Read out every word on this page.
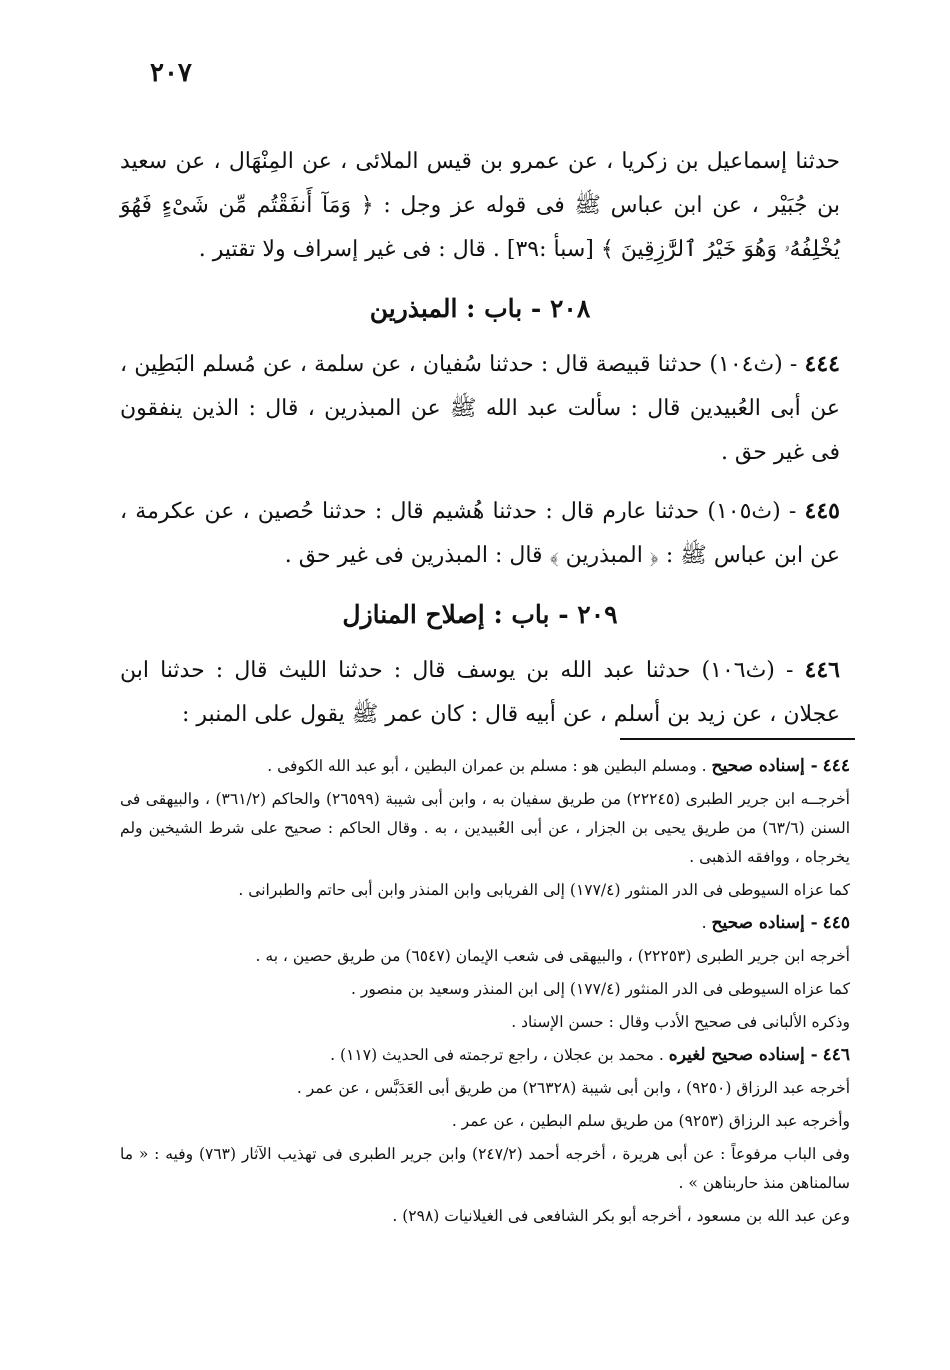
٢٠٧

حدثنا إسماعيل بن زكريا ، عن عمرو بن قيس الملائى ، عن المِنْهَال ، عن سعيد بن جُبَيْر ، عن ابن عباس ﷺ فى قوله عز وجل : ﴿ وَمَآ أَنفَقْتُم مِّن شَىْءٍ فَهُوَ يُخْلِفُهُۥ وَهُوَ خَيْرُ ٱلرَّٰزِقِينَ ﴾ [سبأ :٣٩] . قال : فى غير إسراف ولا تقتير .

٢٠٨ - باب : المبذرين

٤٤٤ - (ث١٠٤) حدثنا قبيصة قال : حدثنا سُفيان ، عن سلمة ، عن مُسلم البَطِين ، عن أبى العُبيدين قال : سألت عبد الله ﷺ عن المبذرين ، قال : الذين ينفقون فى غير حق .

٤٤٥ - (ث١٠٥) حدثنا عارم قال : حدثنا هُشيم قال : حدثنا حُصين ، عن عكرمة ، عن ابن عباس ﷺ : ﴿ المبذرين ﴾ قال : المبذرين فى غير حق .

٢٠٩ - باب : إصلاح المنازل

٤٤٦ - (ث١٠٦) حدثنا عبد الله بن يوسف قال : حدثنا الليث قال : حدثنا ابن عجلان ، عن زيد بن أسلم ، عن أبيه قال : كان عمر ﷺ يقول على المنبر :

٤٤٤ - إسناده صحيح . ومسلم البطين هو : مسلم بن عمران البطين ، أبو عبد الله الكوفى .

أخرجــه ابن جرير الطبرى (٢٢٢٤٥) من طريق سفيان به ، وابن أبى شيبة (٢٦٥٩٩) والحاكم (٣٦١/٢) ، والبيهقى فى السنن (٦٣/٦) من طريق يحيى بن الجزار ، عن أبى العُبيدين ، به . وقال الحاكم : صحيح على شرط الشيخين ولم يخرجاه ، ووافقه الذهبى .

كما عزاه السيوطى فى الدر المنثور (١٧٧/٤) إلى الفريابى وابن المنذر وابن أبى حاتم والطبرانى .

٤٤٥ - إسناده صحيح .

أخرجه ابن جرير الطبرى (٢٢٢٥٣) ، والبيهقى فى شعب الإيمان (٦٥٤٧) من طريق حصين ، به .

كما عزاه السيوطى فى الدر المنثور (١٧٧/٤) إلى ابن المنذر وسعيد بن منصور .

وذكره الألبانى فى صحيح الأدب وقال : حسن الإسناد .

٤٤٦ - إسناده صحيح لغيره . محمد بن عجلان ، راجع ترجمته فى الحديث (١١٧) .

أخرجه عبد الرزاق (٩٢٥٠) ، وابن أبى شيبة (٢٦٣٢٨) من طريق أبى العَدَبَّس ، عن عمر .

وأخرجه عبد الرزاق (٩٢٥٣) من طريق سلم البطين ، عن عمر .

وفى الباب مرفوعاً : عن أبى هريرة ، أخرجه أحمد (٢٤٧/٢) وابن جرير الطبرى فى تهذيب الآثار (٧٦٣) وفيه : « ما سالمناهن منذ حاربناهن » .

وعن عبد الله بن مسعود ، أخرجه أبو بكر الشافعى فى الغيلانيات (٢٩٨) .
